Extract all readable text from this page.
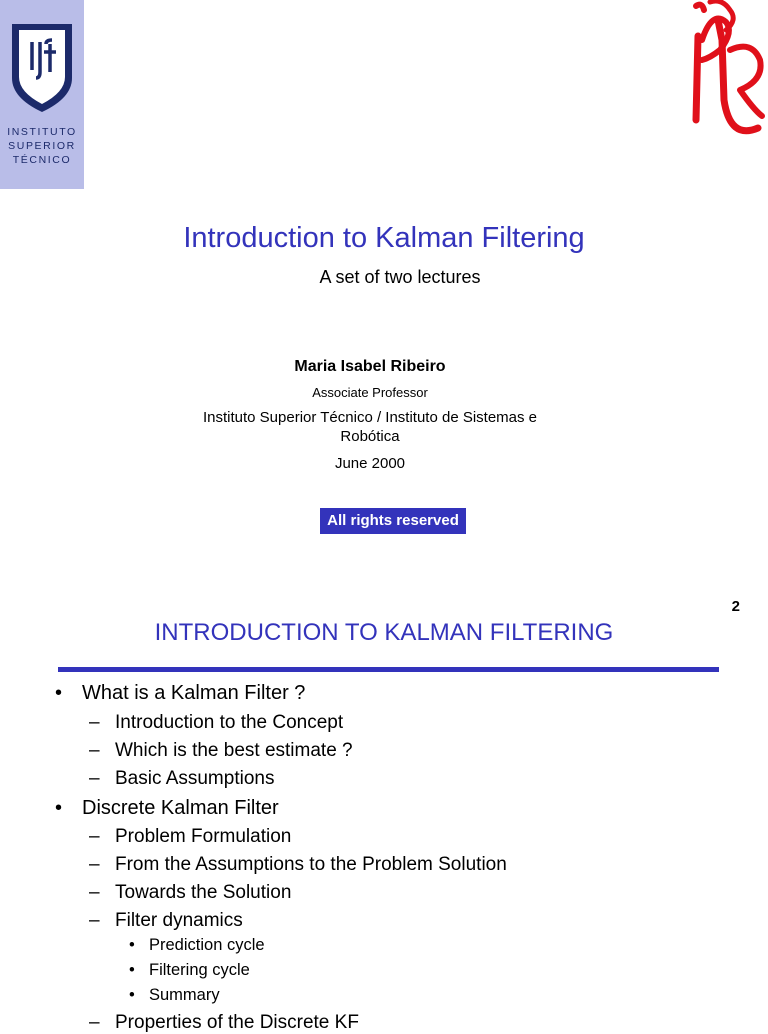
INSTITUTO
SUPERIOR
TÉCNICO
Introduction to Kalman Filtering
A set of two lectures
Maria Isabel Ribeiro
Associate Professor
Instituto Superior Técnico / Instituto de Sistemas e
Robótica
June 2000
All rights reserved
2
INTRODUCTION TO KALMAN FILTERING
• What is a Kalman Filter ?
– Introduction to the Concept
– Which is the best estimate ?
– Basic Assumptions
• Discrete Kalman Filter
– Problem Formulation
– From the Assumptions to the Problem Solution
– Towards the Solution
– Filter dynamics
• Prediction cycle
• Filtering cycle
• Summary
– Properties of the Discrete KF
